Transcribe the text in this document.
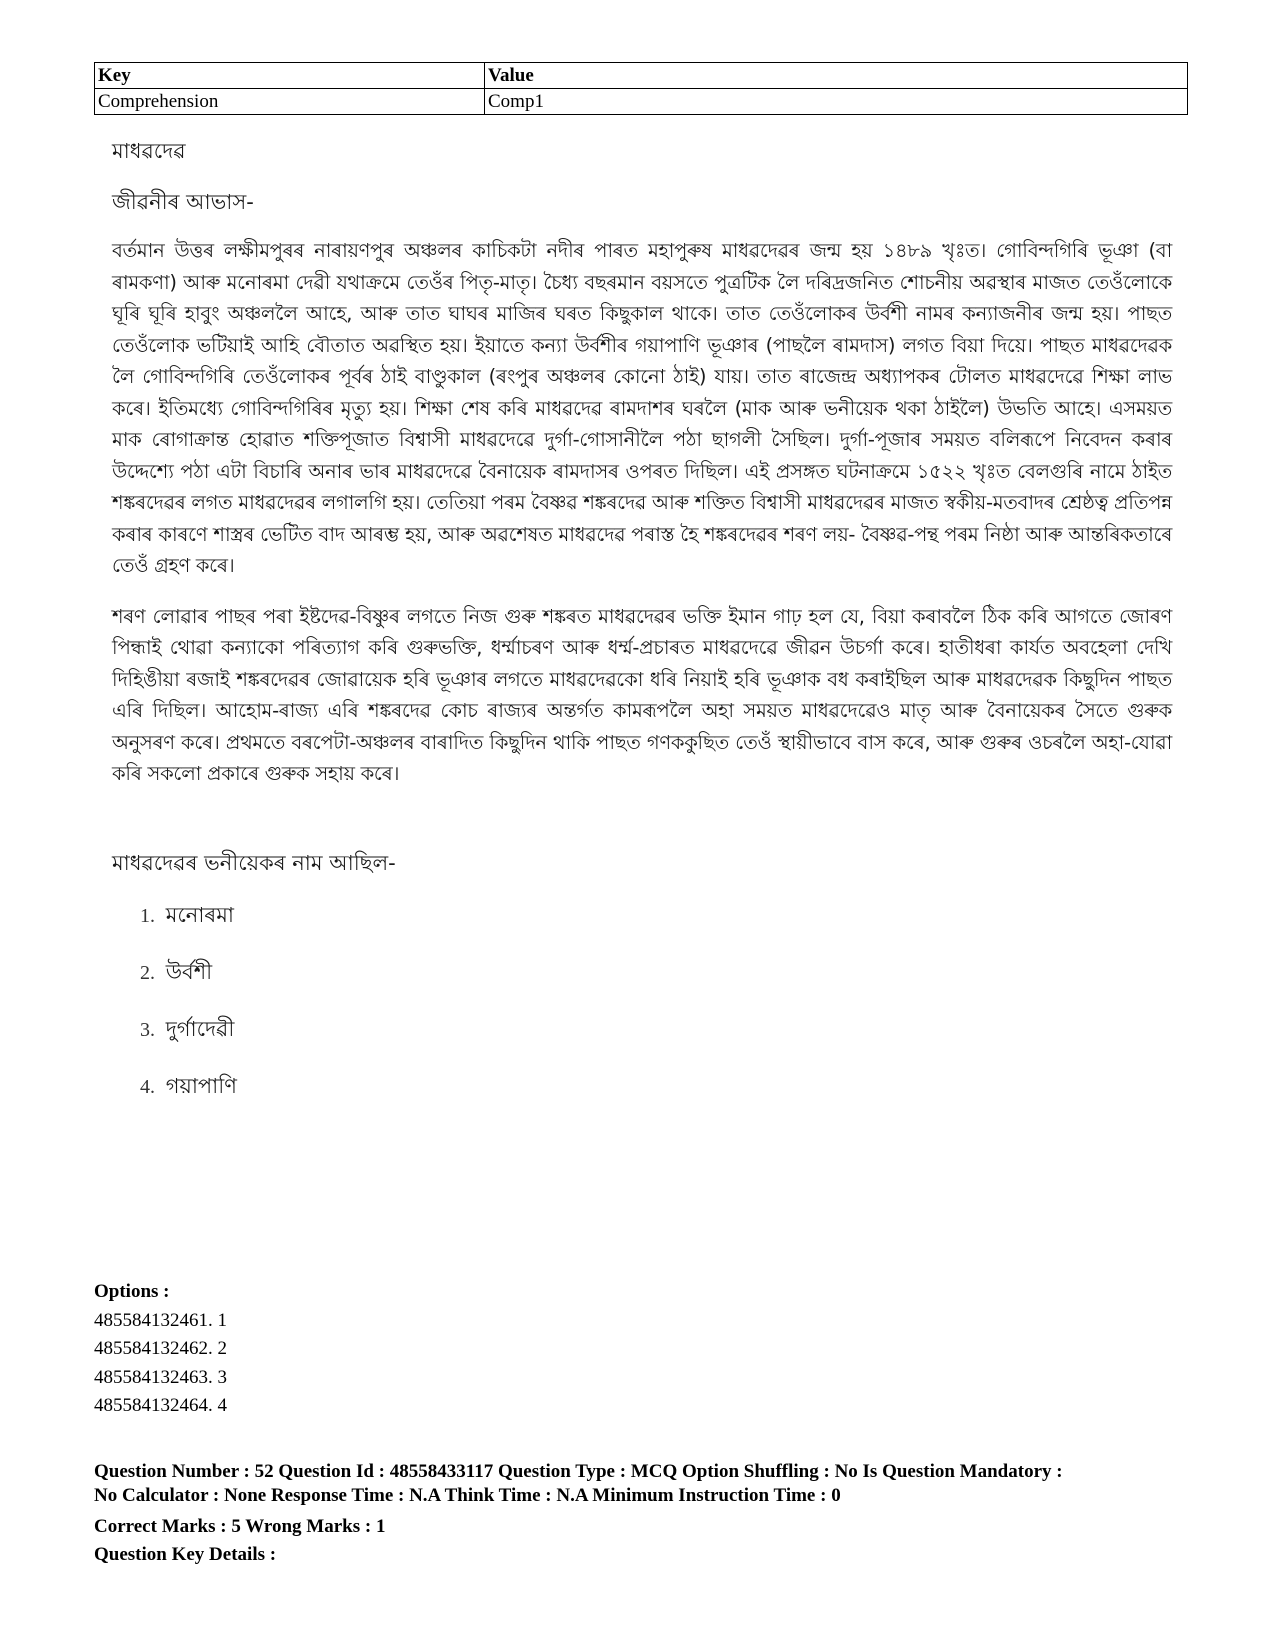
Key	Value
Comprehension	Comp1
মাধৱদেৱ
জীৱনীৰ আভাস-

বৰ্তমান উত্তৰ লক্ষীমপুৰৰ নাৰায়ণপুৰ অঞ্চলৰ কাচিকটা নদীৰ পাৰত মহাপুৰুষ মাধৱদেৱৰ জন্ম হয় ১৪৮৯ খৃঃত। গোবিন্দগিৰি ভূঞা (বা ৰামকণা) আৰু মনোৰমা দেৱী যথাক্ৰমে তেওঁৰ পিতৃ-মাতৃ। চৈধ্য বছৰমান বয়সতে পুত্ৰটিক লৈ দৰিদ্ৰজনিত শোচনীয় অৱস্থাৰ মাজত তেওঁলোকে ঘূৰি ঘূৰি হাবুং অঞ্চললৈ আহে, আৰু তাত ঘাঘৰ মাজিৰ ঘৰত কিছুকাল থাকে। তাত তেওঁলোকৰ উৰ্বশী নামৰ কন্যাজনীৰ জন্ম হয়। পাছত তেওঁলোক ভটিয়াই আহি বৌতাত অৱস্থিত হয়। ইয়াতে কন্যা উৰ্বশীৰ গয়াপাণি ভূঞাৰ (পাছলৈ ৰামদাস) লগত বিয়া দিয়ে। পাছত মাধৱদেৱক লৈ গোবিন্দগিৰি তেওঁলোকৰ পূৰ্বৰ ঠাই বাণ্ডুকাল (ৰংপুৰ অঞ্চলৰ কোনো ঠাই) যায়। তাত ৰাজেন্দ্ৰ অধ্যাপকৰ টোলত মাধৱদেৱে শিক্ষা লাভ কৰে। ইতিমধ্যে গোবিন্দগিৰিৰ মৃত্যু হয়। শিক্ষা শেষ কৰি মাধৱদেৱ ৰামদাশৰ ঘৰলৈ (মাক আৰু ভনীয়েক থকা ঠাইলৈ) উভতি আহে। এসময়ত মাক ৰোগাক্ৰান্ত হোৱাত শক্তিপূজাত বিশ্বাসী মাধৱদেৱে দুৰ্গা-গোসানীলৈ পঠা ছাগলী সৈছিল। দুৰ্গা-পূজাৰ সময়ত বলিৰূপে নিবেদন কৰাৰ উদ্দেশ্যে পঠা এটা বিচাৰি অনাৰ ভাৰ মাধৱদেৱে বৈনায়েক ৰামদাসৰ ওপৰত দিছিল। এই প্ৰসঙ্গত ঘটনাক্ৰমে ১৫২২ খৃঃত বেলগুৰি নামে ঠাইত শঙ্কৰদেৱৰ লগত মাধৱদেৱৰ লগালগি হয়। তেতিয়া পৰম বৈষ্ণৱ শঙ্কৰদেৱ আৰু শক্তিত বিশ্বাসী মাধৱদেৱৰ মাজত স্বকীয়-মতবাদৰ শ্ৰেষ্ঠত্ব প্ৰতিপন্ন কৰাৰ কাৰণে শাস্ত্ৰৰ ভেটিত বাদ আৰম্ভ হয়, আৰু অৱশেষত মাধৱদেৱ পৰাস্ত হৈ শঙ্কৰদেৱৰ শৰণ লয়- বৈষ্ণৱ-পন্থ পৰম নিষ্ঠা আৰু আন্তৰিকতাৰে তেওঁ গ্ৰহণ কৰে।

শৰণ লোৱাৰ পাছৰ পৰা ইষ্টদেৱ-বিষ্ণুৰ লগতে নিজ গুৰু শঙ্কৰত মাধৱদেৱৰ ভক্তি ইমান গাঢ় হল যে, বিয়া কৰাবলৈ ঠিক কৰি আগতে জোৰণ পিন্ধাই থোৱা কন্যাকো পৰিত্যাগ কৰি গুৰুভক্তি, ধৰ্ম্মাচৰণ আৰু ধৰ্ম্ম-প্ৰচাৰত মাধৱদেৱে জীৱন উচৰ্গা কৰে। হাতীধৰা কাৰ্যত অবহেলা দেখি দিহিঙীয়া ৰজাই শঙ্কৰদেৱৰ জোৱায়েক হৰি ভূঞাৰ লগতে মাধৱদেৱকো ধৰি নিয়াই হৰি ভূঞাক বধ কৰাইছিল আৰু মাধৱদেৱক কিছুদিন পাছত এৰি দিছিল। আহোম-ৰাজ্য এৰি শঙ্কৰদেৱ কোচ ৰাজ্যৰ অন্তৰ্গত কামৰূপলৈ অহা সময়ত মাধৱদেৱেও মাতৃ আৰু বৈনায়েকৰ সৈতে গুৰুক অনুসৰণ কৰে। প্ৰথমতে বৰপেটা-অঞ্চলৰ বাৰাদিত কিছুদিন থাকি পাছত গণককুছিত তেওঁ স্থায়ীভাবে বাস কৰে, আৰু গুৰুৰ ওচৰলৈ অহা-যোৱা কৰি সকলো প্ৰকাৰে গুৰুক সহায় কৰে।

মাধৱদেৱৰ ভনীয়েকৰ নাম আছিল-
1. মনোৰমা
2. উৰ্বশী
3. দুৰ্গাদেৱী
4. গয়াপাণি
Options :
485584132461. 1
485584132462. 2
485584132463. 3
485584132464. 4
Question Number : 52 Question Id : 48558433117 Question Type : MCQ Option Shuffling : No Is Question Mandatory :
No Calculator : None Response Time : N.A Think Time : N.A Minimum Instruction Time : 0
Correct Marks : 5 Wrong Marks : 1
Question Key Details :
